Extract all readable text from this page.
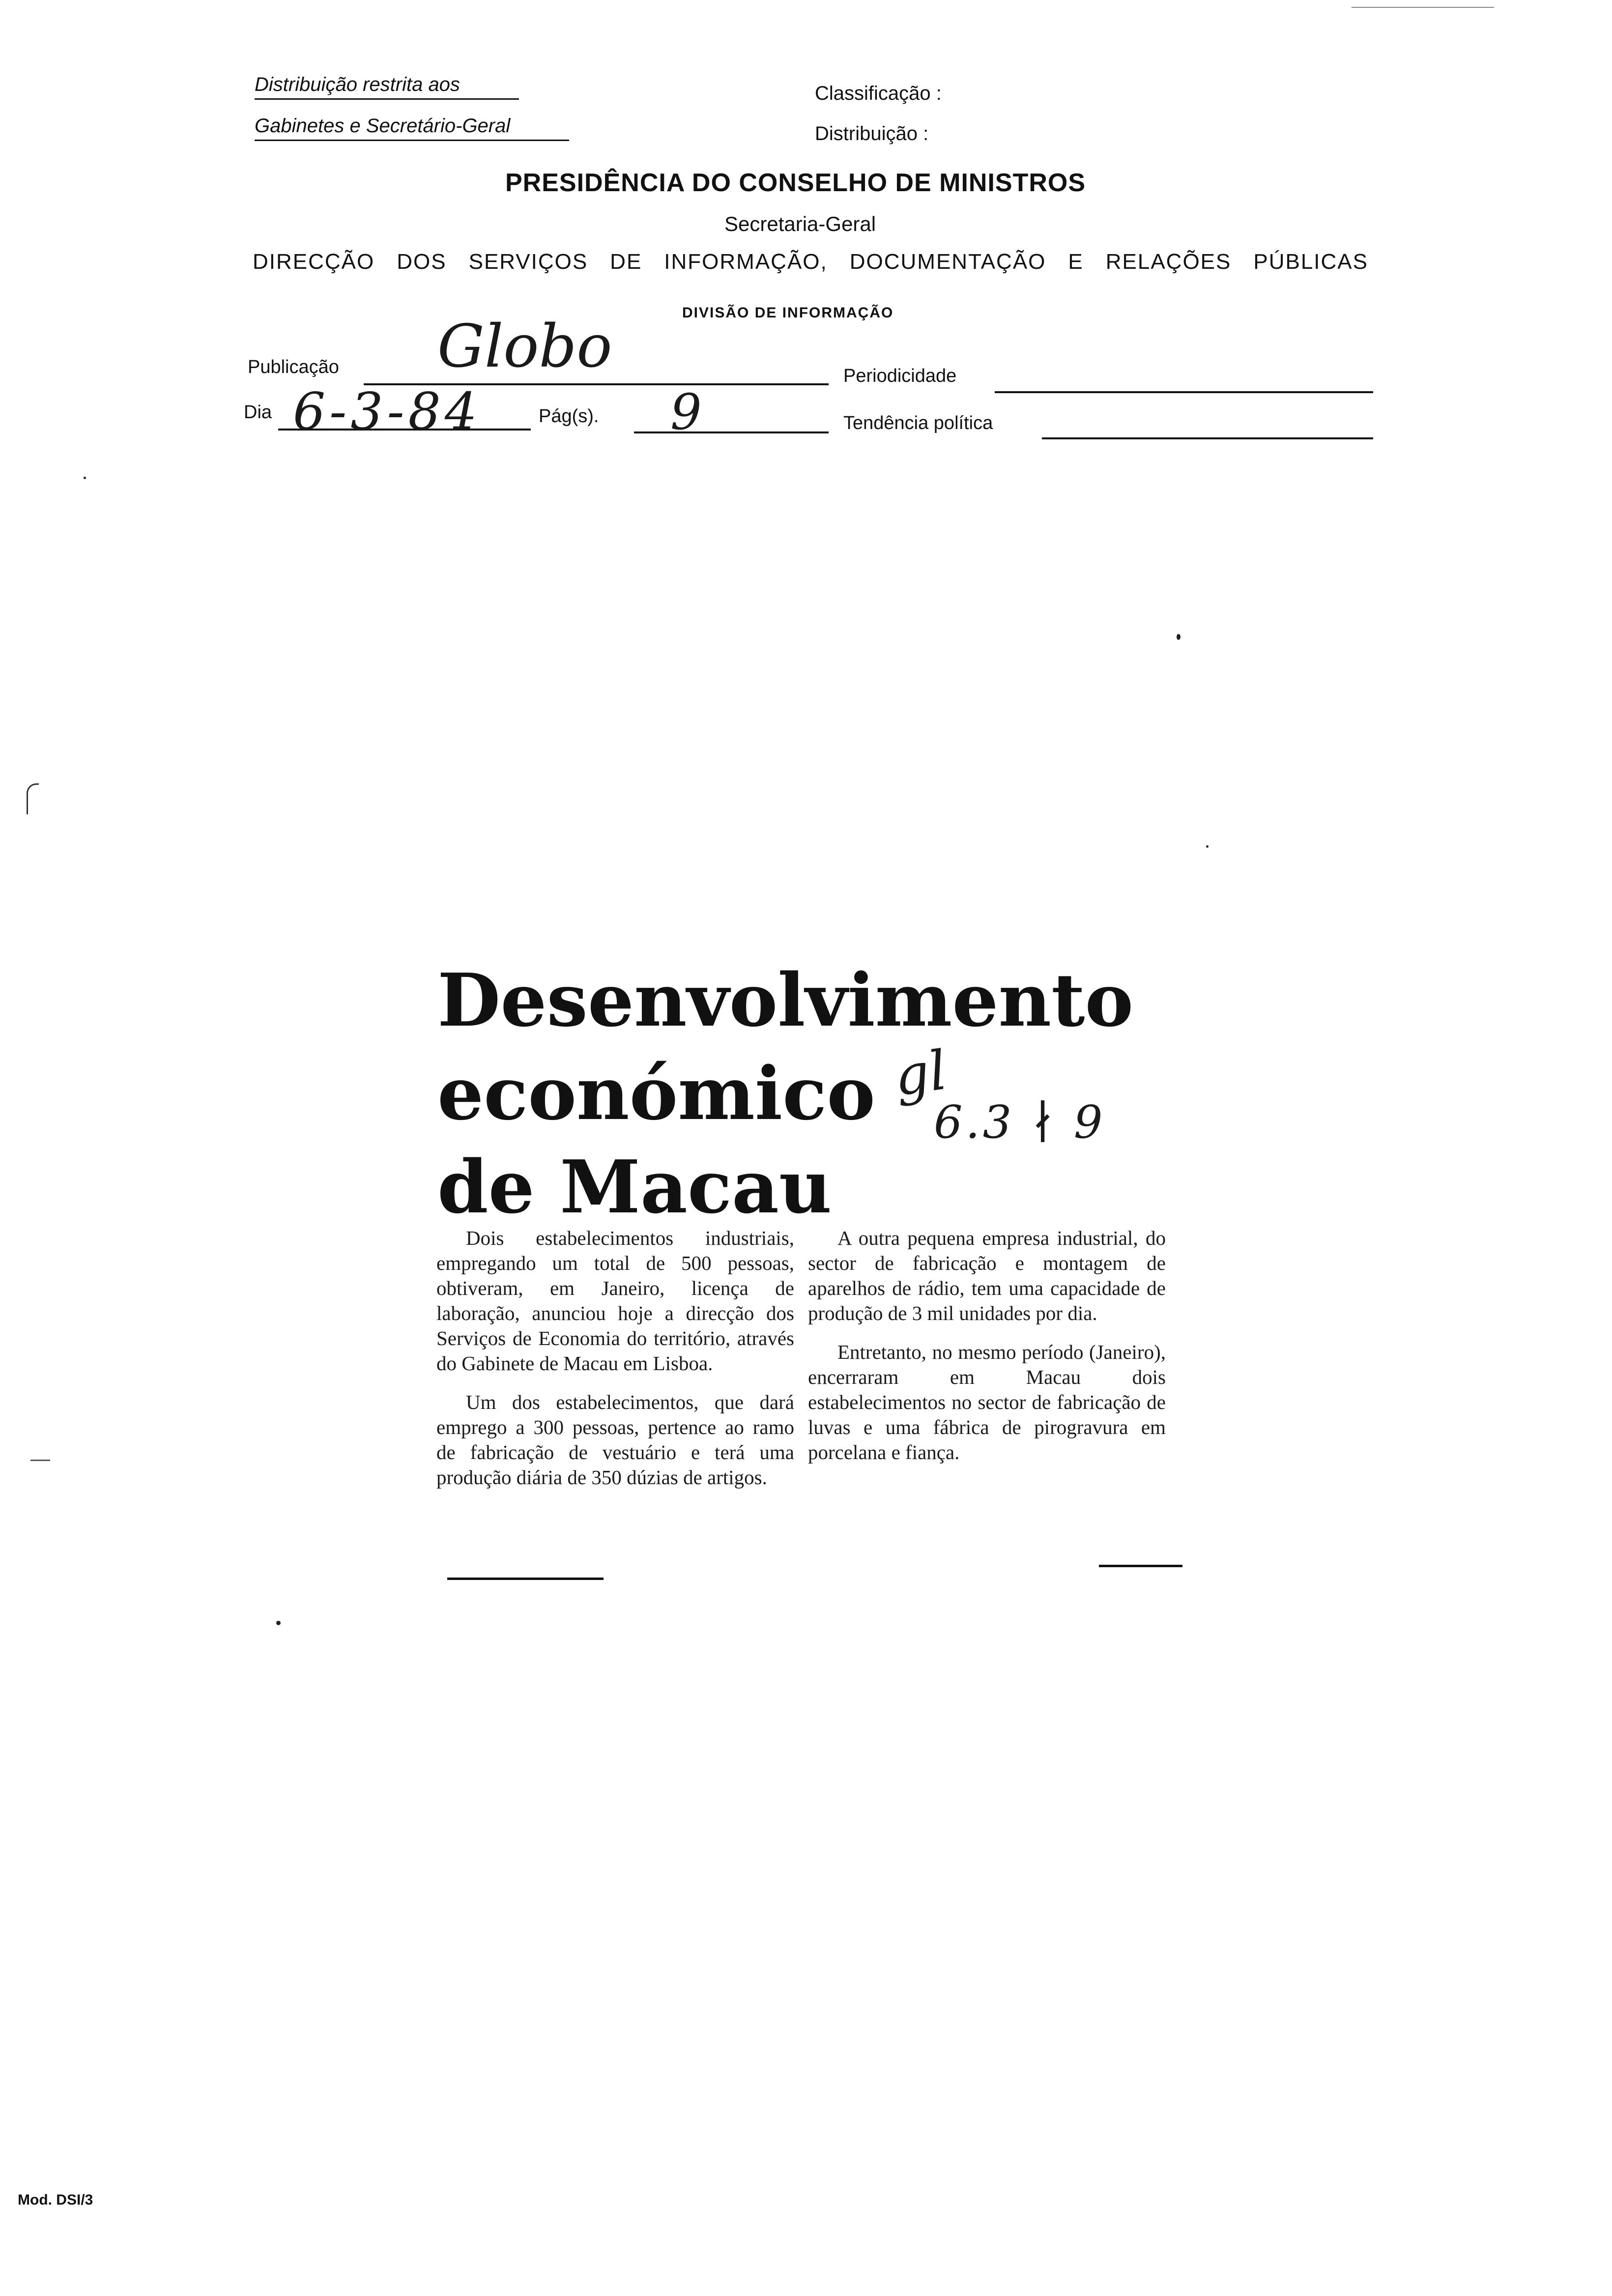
Distribuição restrita aos
Gabinetes e Secretário-Geral
Classificação :
Distribuição :
PRESIDÊNCIA DO CONSELHO DE MINISTROS
Secretaria-Geral
DIRECÇÃO DOS SERVIÇOS DE INFORMAÇÃO, DOCUMENTAÇÃO E RELAÇÕES PÚBLICAS
DIVISÃO DE INFORMAÇÃO
Publicação Globo	Periodicidade
Dia 6-3-84	Pág(s). 9	Tendência política
Desenvolvimento
económico
de Macau
gl
6.3 ∤ 9

Dois estabelecimentos industriais, empregando um total de 500 pessoas, obtiveram, em Janeiro, licença de laboração, anunciou hoje a direcção dos Serviços de Economia do território, através do Gabinete de Macau em Lisboa.

Um dos estabelecimentos, que dará emprego a 300 pessoas, pertence ao ramo de fabricação de vestuário e terá uma produção diária de 350 dúzias de artigos.

A outra pequena empresa industrial, do sector de fabricação e montagem de aparelhos de rádio, tem uma capacidade de produção de 3 mil unidades por dia.

Entretanto, no mesmo período (Janeiro), encerraram em Macau dois estabelecimentos no sector de fabricação de luvas e uma fábrica de pirogravura em porcelana e fiança.

Mod. DSI/3
